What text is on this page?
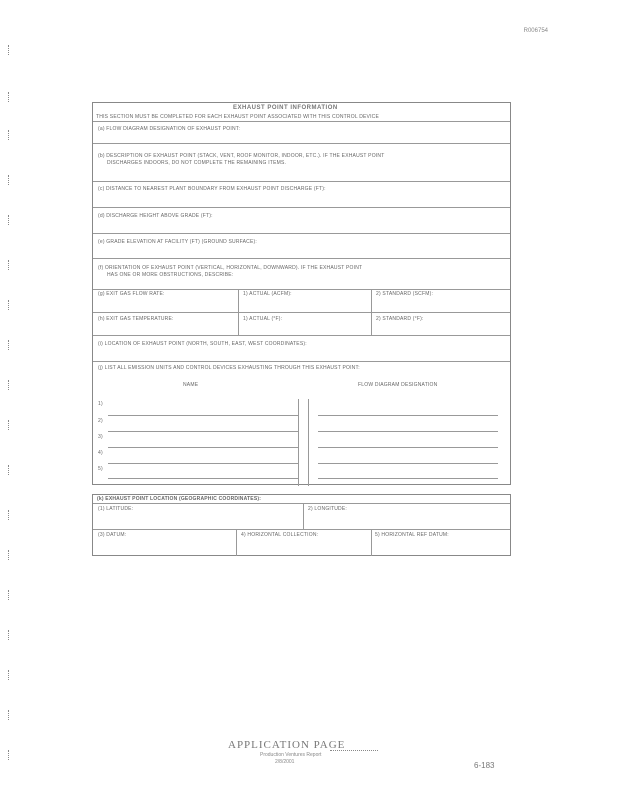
R006754
EXHAUST POINT INFORMATION
THIS SECTION MUST BE COMPLETED FOR EACH EXHAUST POINT ASSOCIATED WITH THIS CONTROL DEVICE
(a) FLOW DIAGRAM DESIGNATION OF EXHAUST POINT:
(b) DESCRIPTION OF EXHAUST POINT (STACK, VENT, ROOF MONITOR, INDOOR, ETC.). IF THE EXHAUST POINT
DISCHARGES INDOORS, DO NOT COMPLETE THE REMAINING ITEMS.
(c) DISTANCE TO NEAREST PLANT BOUNDARY FROM EXHAUST POINT DISCHARGE (FT):
(d) DISCHARGE HEIGHT ABOVE GRADE (FT):
(e) GRADE ELEVATION AT FACILITY (FT) (GROUND SURFACE):
(f) ORIENTATION OF EXHAUST POINT (VERTICAL, HORIZONTAL, DOWNWARD). IF THE EXHAUST POINT
HAS ONE OR MORE OBSTRUCTIONS, DESCRIBE:
(g) EXIT GAS FLOW RATE:	1) ACTUAL (ACFM):	2) STANDARD (SCFM):
(h) EXIT GAS TEMPERATURE:	1) ACTUAL (°F):	2) STANDARD (°F):
(i) LOCATION OF EXHAUST POINT (NORTH, SOUTH, EAST, WEST COORDINATES):
(j) LIST ALL EMISSION UNITS AND CONTROL DEVICES EXHAUSTING THROUGH THIS EXHAUST POINT:
NAME	FLOW DIAGRAM DESIGNATION
1)
2)
3)
4)
5)
(k) EXHAUST POINT LOCATION (GEOGRAPHIC COORDINATES):
(1) LATITUDE:	2) LONGITUDE:
(3) DATUM:	4) HORIZONTAL COLLECTION:	5) HORIZONTAL REF DATUM:
APPLICATION PAGE
Production Ventures Report
2/8/2001	6-183
